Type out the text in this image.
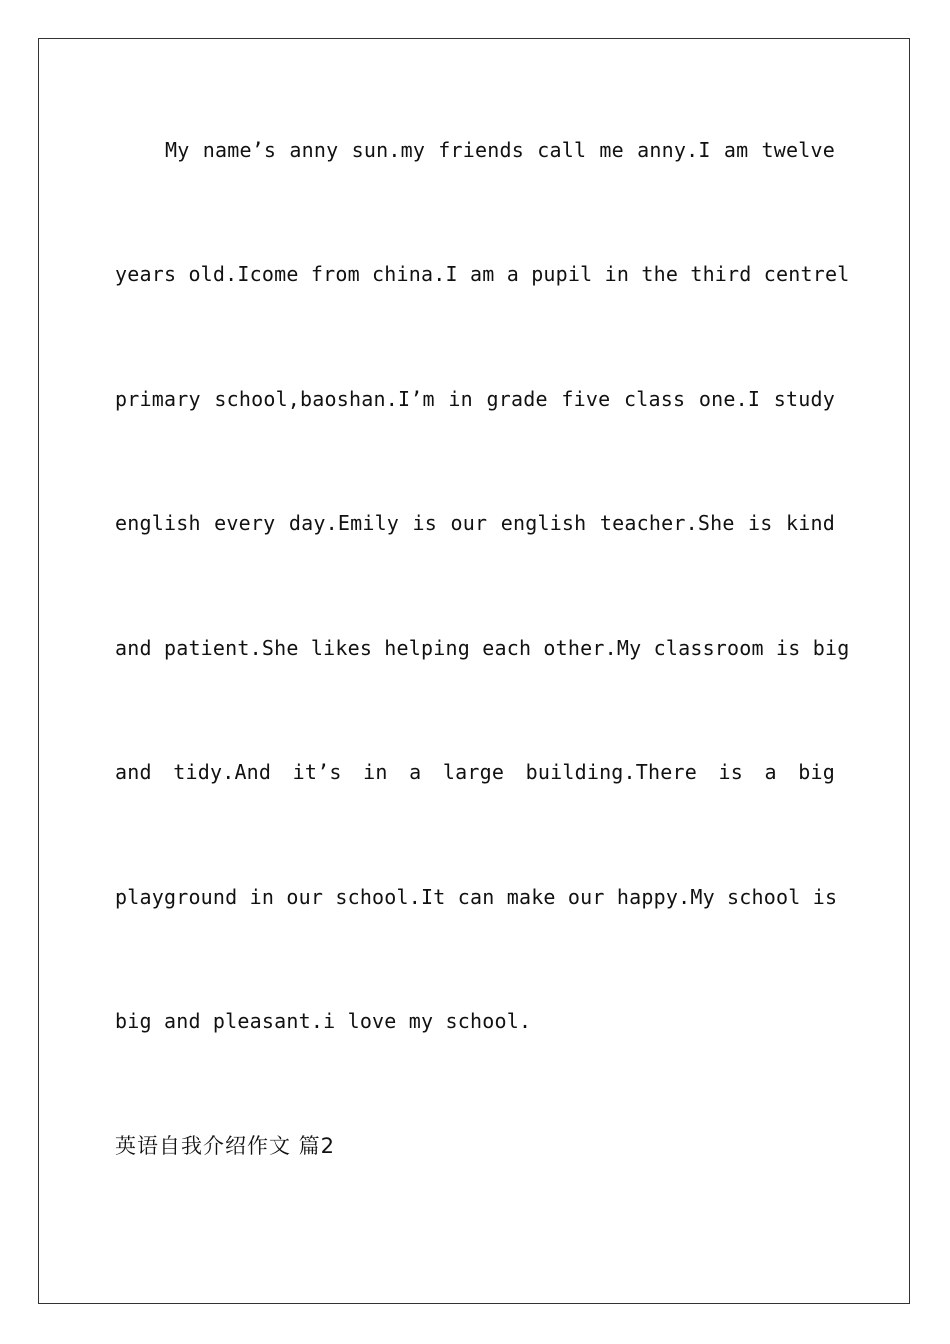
My name’s anny sun.my friends call me anny.I am twelve
years old.Icome from china.I am a pupil in the third centrel
primary school,baoshan.I’m in grade five class one.I study
english every day.Emily is our english teacher.She is kind
and patient.She likes helping each other.My classroom is big
and tidy.And it’s in a large building.There is a big
playground in our school.It can make our happy.My school is
big and pleasant.i love my school.
英语自我介绍作文 篇2
